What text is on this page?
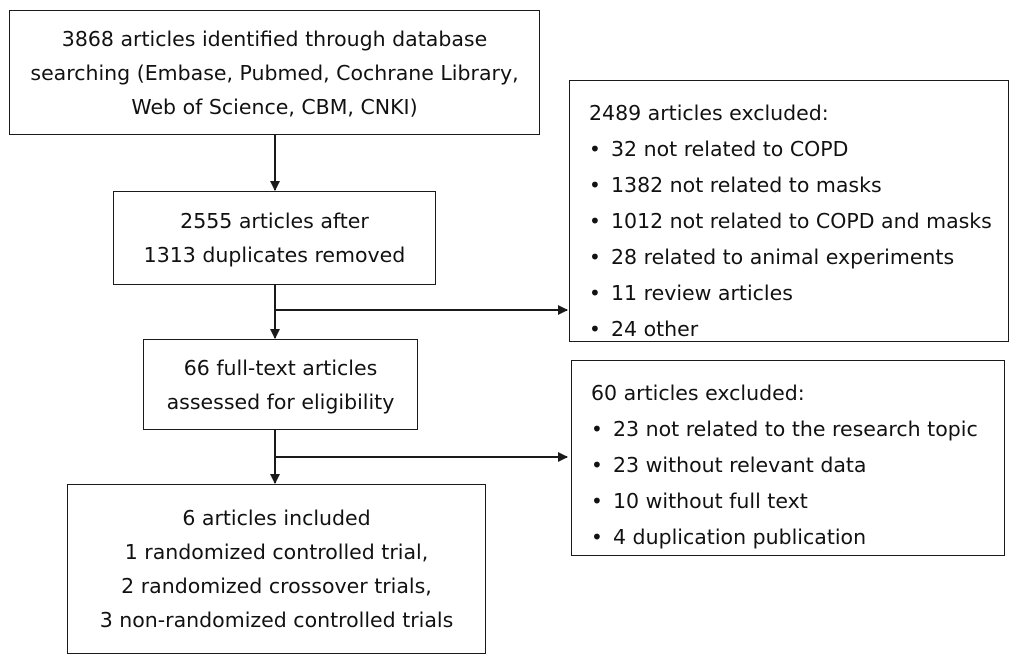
3868 articles identified through database
searching (Embase, Pubmed, Cochrane Library,
Web of Science, CBM, CNKI)
2555 articles after
1313 duplicates removed
66 full-text articles
assessed for eligibility
6 articles included
1 randomized controlled trial,
2 randomized crossover trials,
3 non-randomized controlled trials
2489 articles excluded:
• 32 not related to COPD
• 1382 not related to masks
• 1012 not related to COPD and masks
• 28 related to animal experiments
• 11 review articles
• 24 other
60 articles excluded:
• 23 not related to the research topic
• 23 without relevant data
• 10 without full text
• 4 duplication publication
